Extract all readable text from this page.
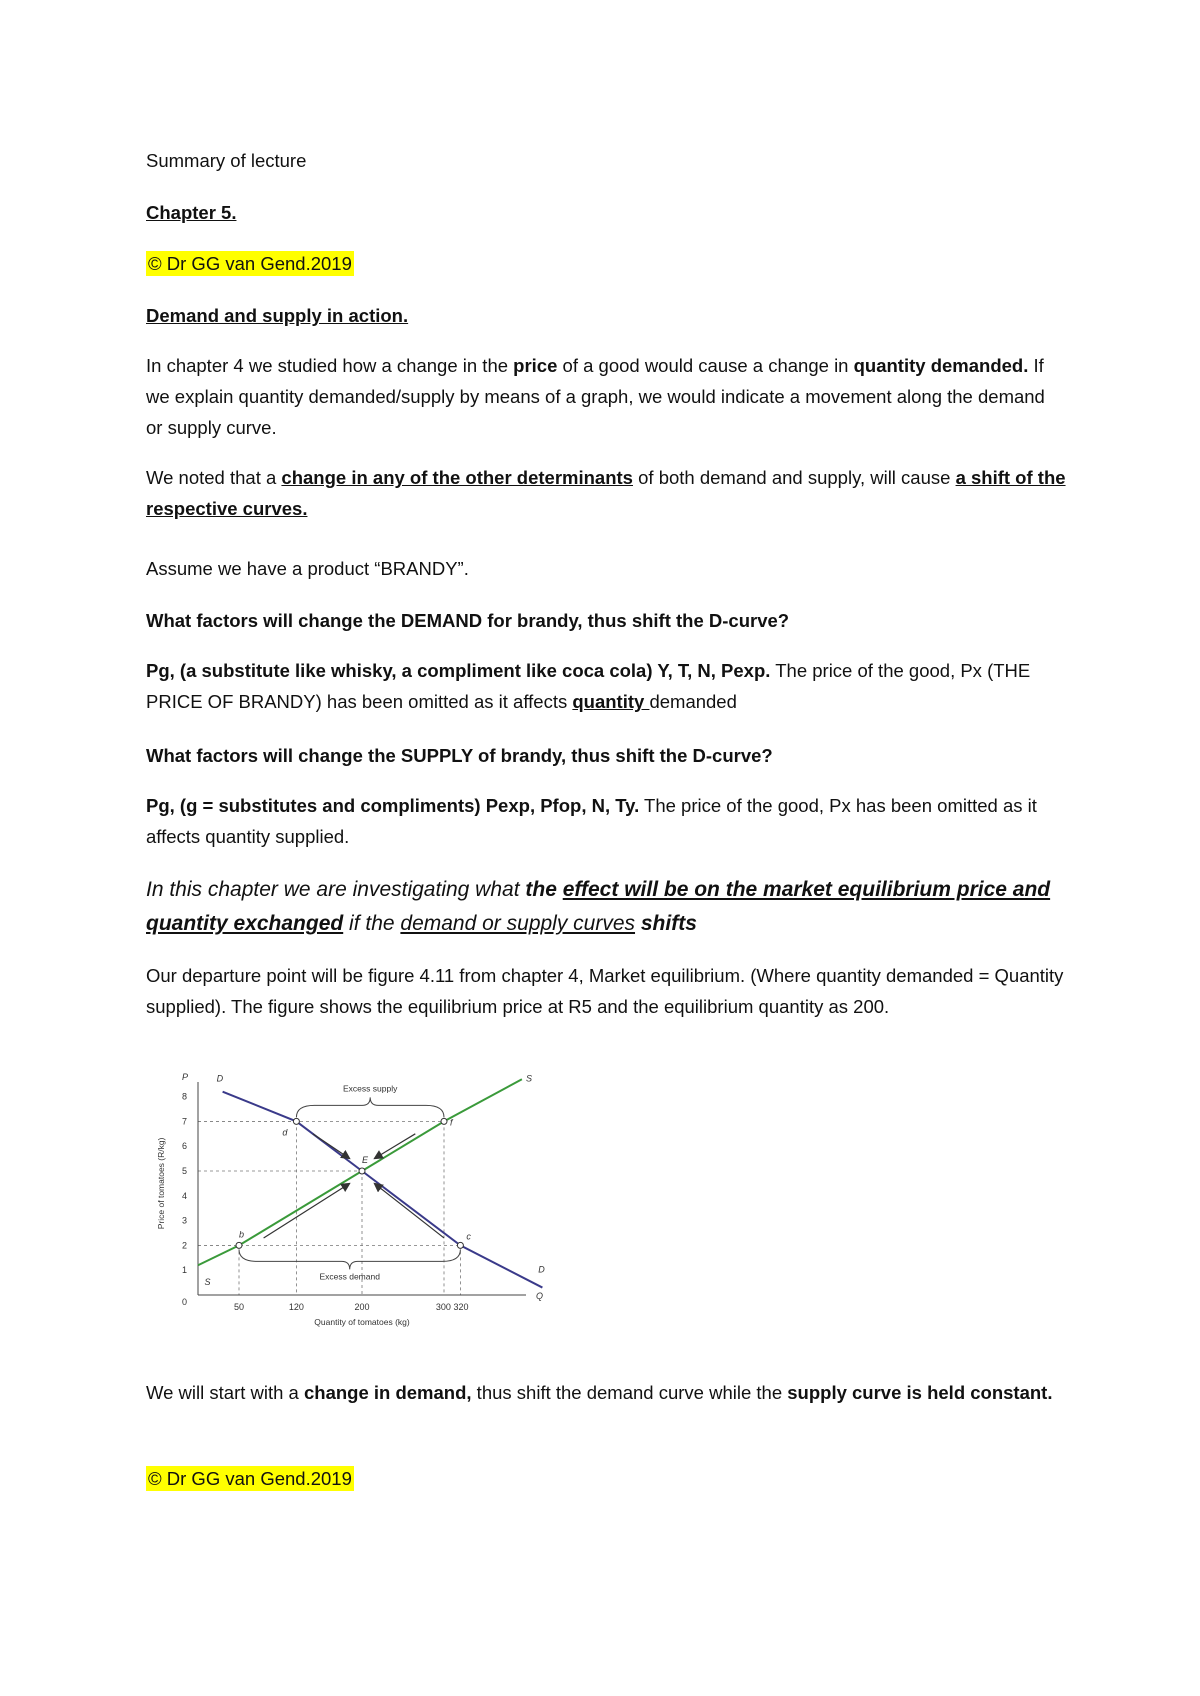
Summary of lecture

Chapter 5.

© Dr GG van Gend.2019

Demand and supply in action.

In chapter 4 we studied how a change in the price of a good would cause a change in quantity demanded. If we explain quantity demanded/supply by means of a graph, we would indicate a movement along the demand or supply curve.

We noted that a change in any of the other determinants of both demand and supply, will cause a shift of the respective curves.

Assume we have a product “BRANDY”.

What factors will change the DEMAND for brandy, thus shift the D-curve?

Pg, (a substitute like whisky, a compliment like coca cola) Y, T, N, Pexp. The price of the good, Px (THE PRICE OF BRANDY) has been omitted as it affects quantity demanded

What factors will change the SUPPLY of brandy, thus shift the D-curve?

Pg, (g = substitutes and compliments) Pexp, Pfop, N, Ty. The price of the good, Px has been omitted as it affects quantity supplied.

In this chapter we are investigating what the effect will be on the market equilibrium price and quantity exchanged if the demand or supply curves shifts

Our departure point will be figure 4.11 from chapter 4, Market equilibrium. (Where quantity demanded = Quantity supplied). The figure shows the equilibrium price at R5 and the equilibrium quantity as 200.

P
Q
0
Price of tomatoes (R/kg)
Quantity of tomatoes (kg)
1
2
3
4
5
6
7
8
50	120	200	300 320
D
D
S
S
d
f
E
b	c
Excess supply
Excess demand

We will start with a change in demand, thus shift the demand curve while the supply curve is held constant.

© Dr GG van Gend.2019
